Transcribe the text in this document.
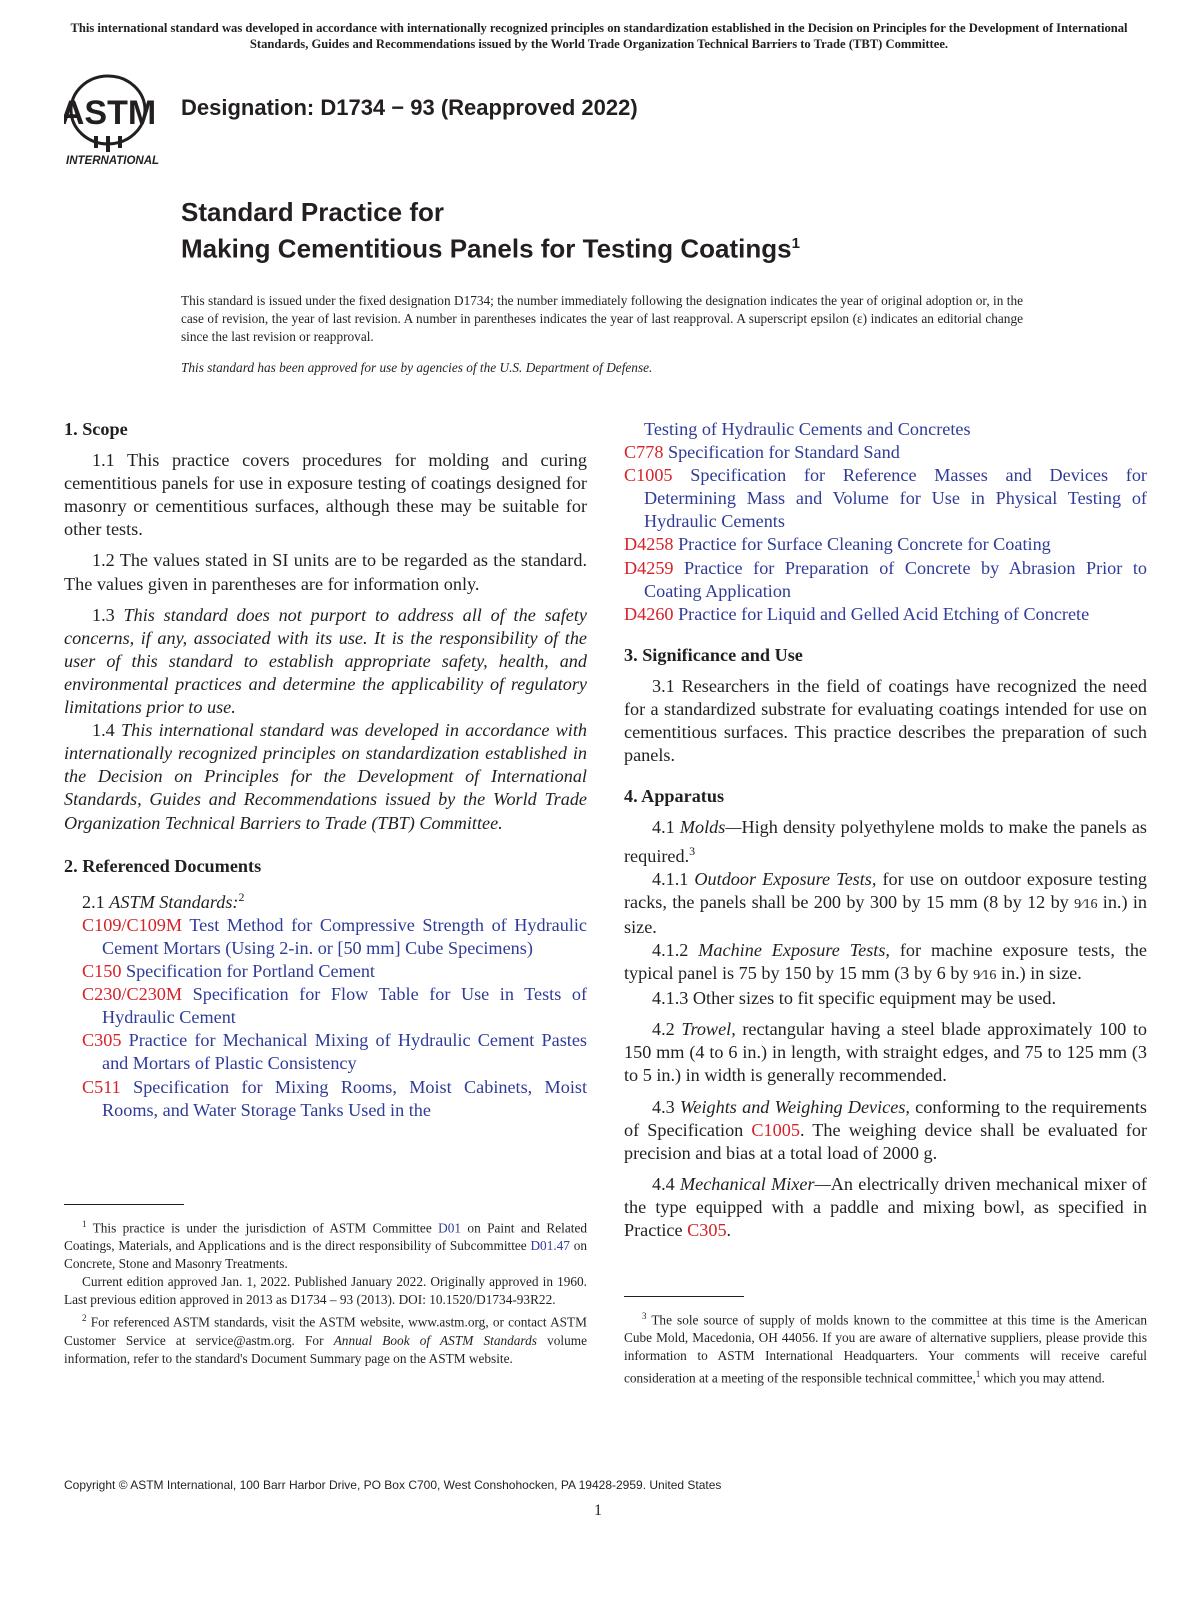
This international standard was developed in accordance with internationally recognized principles on standardization established in the Decision on Principles for the Development of International Standards, Guides and Recommendations issued by the World Trade Organization Technical Barriers to Trade (TBT) Committee.
ASTM
INTERNATIONAL
Designation: D1734 − 93 (Reapproved 2022)
Standard Practice for
Making Cementitious Panels for Testing Coatings$^1$
This standard is issued under the fixed designation D1734; the number immediately following the designation indicates the year of original adoption or, in the case of revision, the year of last revision. A number in parentheses indicates the year of last reapproval. A superscript epsilon (ε) indicates an editorial change since the last revision or reapproval.
This standard has been approved for use by agencies of the U.S. Department of Defense.
1. Scope
1.1 This practice covers procedures for molding and curing cementitious panels for use in exposure testing of coatings designed for masonry or cementitious surfaces, although these may be suitable for other tests.
1.2 The values stated in SI units are to be regarded as the standard. The values given in parentheses are for information only.
1.3 This standard does not purport to address all of the safety concerns, if any, associated with its use. It is the responsibility of the user of this standard to establish appropriate safety, health, and environmental practices and determine the applicability of regulatory limitations prior to use.
1.4 This international standard was developed in accordance with internationally recognized principles on standardization established in the Decision on Principles for the Development of International Standards, Guides and Recommendations issued by the World Trade Organization Technical Barriers to Trade (TBT) Committee.
2. Referenced Documents
2.1 ASTM Standards:$^2$
C109/C109M Test Method for Compressive Strength of Hydraulic Cement Mortars (Using 2-in. or [50 mm] Cube Specimens)
C150 Specification for Portland Cement
C230/C230M Specification for Flow Table for Use in Tests of Hydraulic Cement
C305 Practice for Mechanical Mixing of Hydraulic Cement Pastes and Mortars of Plastic Consistency
C511 Specification for Mixing Rooms, Moist Cabinets, Moist Rooms, and Water Storage Tanks Used in the
$^1$ This practice is under the jurisdiction of ASTM Committee D01 on Paint and Related Coatings, Materials, and Applications and is the direct responsibility of Subcommittee D01.47 on Concrete, Stone and Masonry Treatments.
Current edition approved Jan. 1, 2022. Published January 2022. Originally approved in 1960. Last previous edition approved in 2013 as D1734 – 93 (2013). DOI: 10.1520/D1734-93R22.
$^2$ For referenced ASTM standards, visit the ASTM website, www.astm.org, or contact ASTM Customer Service at service@astm.org. For Annual Book of ASTM Standards volume information, refer to the standard's Document Summary page on the ASTM website.
Testing of Hydraulic Cements and Concretes
C778 Specification for Standard Sand
C1005 Specification for Reference Masses and Devices for Determining Mass and Volume for Use in Physical Testing of Hydraulic Cements
D4258 Practice for Surface Cleaning Concrete for Coating
D4259 Practice for Preparation of Concrete by Abrasion Prior to Coating Application
D4260 Practice for Liquid and Gelled Acid Etching of Concrete
3. Significance and Use
3.1 Researchers in the field of coatings have recognized the need for a standardized substrate for evaluating coatings intended for use on cementitious surfaces. This practice describes the preparation of such panels.
4. Apparatus
4.1 Molds—High density polyethylene molds to make the panels as required.$^3$
4.1.1 Outdoor Exposure Tests, for use on outdoor exposure testing racks, the panels shall be 200 by 300 by 15 mm (8 by 12 by 9⁄16 in.) in size.
4.1.2 Machine Exposure Tests, for machine exposure tests, the typical panel is 75 by 150 by 15 mm (3 by 6 by 9⁄16 in.) in size.
4.1.3 Other sizes to fit specific equipment may be used.
4.2 Trowel, rectangular having a steel blade approximately 100 to 150 mm (4 to 6 in.) in length, with straight edges, and 75 to 125 mm (3 to 5 in.) in width is generally recommended.
4.3 Weights and Weighing Devices, conforming to the requirements of Specification C1005. The weighing device shall be evaluated for precision and bias at a total load of 2000 g.
4.4 Mechanical Mixer—An electrically driven mechanical mixer of the type equipped with a paddle and mixing bowl, as specified in Practice C305.
$^3$ The sole source of supply of molds known to the committee at this time is the American Cube Mold, Macedonia, OH 44056. If you are aware of alternative suppliers, please provide this information to ASTM International Headquarters. Your comments will receive careful consideration at a meeting of the responsible technical committee,$^1$ which you may attend.
Copyright © ASTM International, 100 Barr Harbor Drive, PO Box C700, West Conshohocken, PA 19428-2959. United States
1
